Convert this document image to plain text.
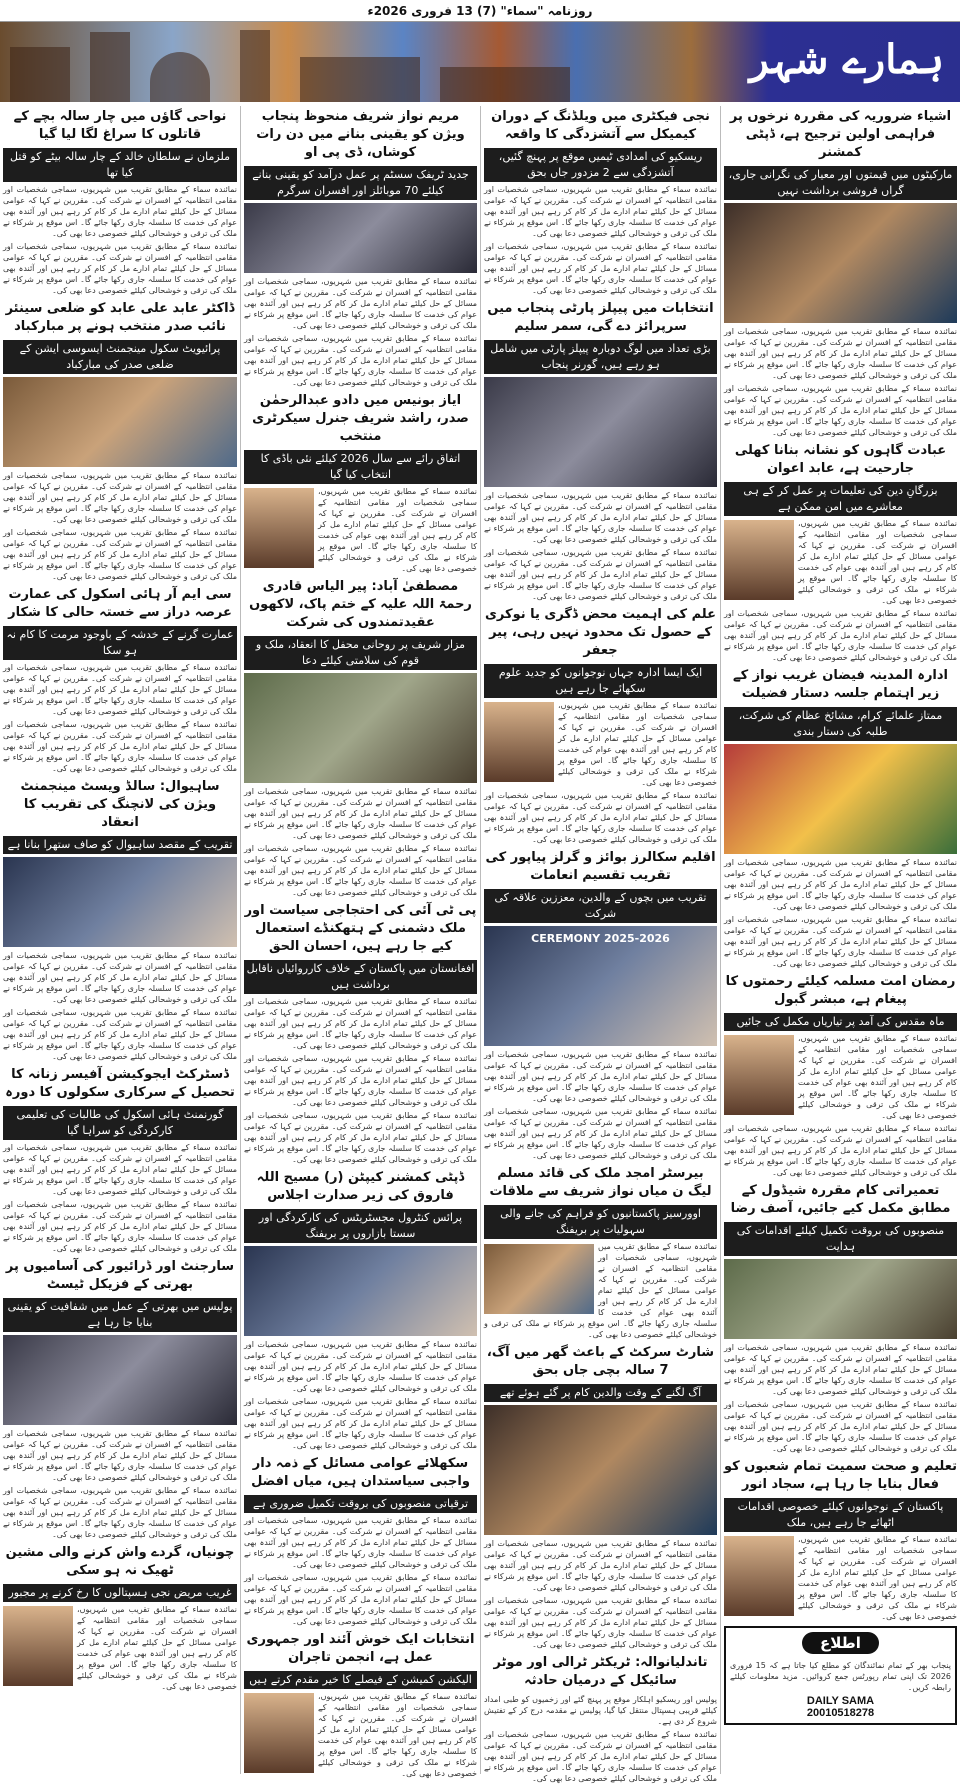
روزنامہ "سماء" (7) 13 فروری 2026ء
ہمارے شہر
اشیاء ضروریہ کی مقررہ نرخوں پر فراہمی اولین ترجیح ہے، ڈپٹی کمشنر
مارکیٹوں میں قیمتوں اور معیار کی نگرانی جاری، گراں فروشی برداشت نہیں
نمائندہ سماء کے مطابق تقریب میں شہریوں، سماجی شخصیات اور مقامی انتظامیہ کے افسران نے شرکت کی۔ مقررین نے کہا کہ عوامی مسائل کے حل کیلئے تمام ادارے مل کر کام کر رہے ہیں اور آئندہ بھی عوام کی خدمت کا سلسلہ جاری رکھا جائے گا۔ اس موقع پر شرکاء نے ملک کی ترقی و خوشحالی کیلئے خصوصی دعا بھی کی۔
نمائندہ سماء کے مطابق تقریب میں شہریوں، سماجی شخصیات اور مقامی انتظامیہ کے افسران نے شرکت کی۔ مقررین نے کہا کہ عوامی مسائل کے حل کیلئے تمام ادارے مل کر کام کر رہے ہیں اور آئندہ بھی عوام کی خدمت کا سلسلہ جاری رکھا جائے گا۔ اس موقع پر شرکاء نے ملک کی ترقی و خوشحالی کیلئے خصوصی دعا بھی کی۔
عبادت گاہوں کو نشانہ بنانا کھلی جارحیت ہے، عابد اعوان
بزرگانِ دین کی تعلیمات پر عمل کر کے ہی معاشرے میں امن ممکن ہے
نمائندہ سماء کے مطابق تقریب میں شہریوں، سماجی شخصیات اور مقامی انتظامیہ کے افسران نے شرکت کی۔ مقررین نے کہا کہ عوامی مسائل کے حل کیلئے تمام ادارے مل کر کام کر رہے ہیں اور آئندہ بھی عوام کی خدمت کا سلسلہ جاری رکھا جائے گا۔ اس موقع پر شرکاء نے ملک کی ترقی و خوشحالی کیلئے خصوصی دعا بھی کی۔
نمائندہ سماء کے مطابق تقریب میں شہریوں، سماجی شخصیات اور مقامی انتظامیہ کے افسران نے شرکت کی۔ مقررین نے کہا کہ عوامی مسائل کے حل کیلئے تمام ادارے مل کر کام کر رہے ہیں اور آئندہ بھی عوام کی خدمت کا سلسلہ جاری رکھا جائے گا۔ اس موقع پر شرکاء نے ملک کی ترقی و خوشحالی کیلئے خصوصی دعا بھی کی۔
ادارہ المدینہ فیضان غریب نواز کے زیر اہتمام جلسہ دستار فضیلت
ممتاز علمائے کرام، مشائخ عظام کی شرکت، طلبہ کی دستار بندی
نمائندہ سماء کے مطابق تقریب میں شہریوں، سماجی شخصیات اور مقامی انتظامیہ کے افسران نے شرکت کی۔ مقررین نے کہا کہ عوامی مسائل کے حل کیلئے تمام ادارے مل کر کام کر رہے ہیں اور آئندہ بھی عوام کی خدمت کا سلسلہ جاری رکھا جائے گا۔ اس موقع پر شرکاء نے ملک کی ترقی و خوشحالی کیلئے خصوصی دعا بھی کی۔
نمائندہ سماء کے مطابق تقریب میں شہریوں، سماجی شخصیات اور مقامی انتظامیہ کے افسران نے شرکت کی۔ مقررین نے کہا کہ عوامی مسائل کے حل کیلئے تمام ادارے مل کر کام کر رہے ہیں اور آئندہ بھی عوام کی خدمت کا سلسلہ جاری رکھا جائے گا۔ اس موقع پر شرکاء نے ملک کی ترقی و خوشحالی کیلئے خصوصی دعا بھی کی۔
رمضان امت مسلمہ کیلئے رحمتوں کا پیغام ہے، مبشر گبول
ماہ مقدس کی آمد پر تیاریاں مکمل کی جائیں
نمائندہ سماء کے مطابق تقریب میں شہریوں، سماجی شخصیات اور مقامی انتظامیہ کے افسران نے شرکت کی۔ مقررین نے کہا کہ عوامی مسائل کے حل کیلئے تمام ادارے مل کر کام کر رہے ہیں اور آئندہ بھی عوام کی خدمت کا سلسلہ جاری رکھا جائے گا۔ اس موقع پر شرکاء نے ملک کی ترقی و خوشحالی کیلئے خصوصی دعا بھی کی۔
نمائندہ سماء کے مطابق تقریب میں شہریوں، سماجی شخصیات اور مقامی انتظامیہ کے افسران نے شرکت کی۔ مقررین نے کہا کہ عوامی مسائل کے حل کیلئے تمام ادارے مل کر کام کر رہے ہیں اور آئندہ بھی عوام کی خدمت کا سلسلہ جاری رکھا جائے گا۔ اس موقع پر شرکاء نے ملک کی ترقی و خوشحالی کیلئے خصوصی دعا بھی کی۔
تعمیراتی کام مقررہ شیڈول کے مطابق مکمل کیے جائیں، آصف رضا
منصوبوں کی بروقت تکمیل کیلئے اقدامات کی ہدایت
نمائندہ سماء کے مطابق تقریب میں شہریوں، سماجی شخصیات اور مقامی انتظامیہ کے افسران نے شرکت کی۔ مقررین نے کہا کہ عوامی مسائل کے حل کیلئے تمام ادارے مل کر کام کر رہے ہیں اور آئندہ بھی عوام کی خدمت کا سلسلہ جاری رکھا جائے گا۔ اس موقع پر شرکاء نے ملک کی ترقی و خوشحالی کیلئے خصوصی دعا بھی کی۔
نمائندہ سماء کے مطابق تقریب میں شہریوں، سماجی شخصیات اور مقامی انتظامیہ کے افسران نے شرکت کی۔ مقررین نے کہا کہ عوامی مسائل کے حل کیلئے تمام ادارے مل کر کام کر رہے ہیں اور آئندہ بھی عوام کی خدمت کا سلسلہ جاری رکھا جائے گا۔ اس موقع پر شرکاء نے ملک کی ترقی و خوشحالی کیلئے خصوصی دعا بھی کی۔
تعلیم و صحت سمیت تمام شعبوں کو فعال بنایا جا رہا ہے، سجاد انور
پاکستان کے نوجوانوں کیلئے خصوصی اقدامات اٹھائے جا رہے ہیں، ملک
نمائندہ سماء کے مطابق تقریب میں شہریوں، سماجی شخصیات اور مقامی انتظامیہ کے افسران نے شرکت کی۔ مقررین نے کہا کہ عوامی مسائل کے حل کیلئے تمام ادارے مل کر کام کر رہے ہیں اور آئندہ بھی عوام کی خدمت کا سلسلہ جاری رکھا جائے گا۔ اس موقع پر شرکاء نے ملک کی ترقی و خوشحالی کیلئے خصوصی دعا بھی کی۔
اطلاع
پنجاب بھر کے تمام نمائندگان کو مطلع کیا جاتا ہے کہ 15 فروری 2026 تک اپنی تمام رپورٹس جمع کروائیں۔ مزید معلومات کیلئے رابطہ کریں۔
DAILY SAMA
20010518278
نجی فیکٹری میں ویلڈنگ کے دوران کیمیکل سے آتشزدگی کا واقعہ
ریسکیو کی امدادی ٹیمیں موقع پر پہنچ گئیں، آتشزدگی سے 2 مزدور جاں بحق
نمائندہ سماء کے مطابق تقریب میں شہریوں، سماجی شخصیات اور مقامی انتظامیہ کے افسران نے شرکت کی۔ مقررین نے کہا کہ عوامی مسائل کے حل کیلئے تمام ادارے مل کر کام کر رہے ہیں اور آئندہ بھی عوام کی خدمت کا سلسلہ جاری رکھا جائے گا۔ اس موقع پر شرکاء نے ملک کی ترقی و خوشحالی کیلئے خصوصی دعا بھی کی۔
نمائندہ سماء کے مطابق تقریب میں شہریوں، سماجی شخصیات اور مقامی انتظامیہ کے افسران نے شرکت کی۔ مقررین نے کہا کہ عوامی مسائل کے حل کیلئے تمام ادارے مل کر کام کر رہے ہیں اور آئندہ بھی عوام کی خدمت کا سلسلہ جاری رکھا جائے گا۔ اس موقع پر شرکاء نے ملک کی ترقی و خوشحالی کیلئے خصوصی دعا بھی کی۔
انتخابات میں پیپلز پارٹی پنجاب میں سرپرائز دے گی، سمر سلیم
بڑی تعداد میں لوگ دوبارہ پیپلز پارٹی میں شامل ہو رہے ہیں، گورنر پنجاب
نمائندہ سماء کے مطابق تقریب میں شہریوں، سماجی شخصیات اور مقامی انتظامیہ کے افسران نے شرکت کی۔ مقررین نے کہا کہ عوامی مسائل کے حل کیلئے تمام ادارے مل کر کام کر رہے ہیں اور آئندہ بھی عوام کی خدمت کا سلسلہ جاری رکھا جائے گا۔ اس موقع پر شرکاء نے ملک کی ترقی و خوشحالی کیلئے خصوصی دعا بھی کی۔
نمائندہ سماء کے مطابق تقریب میں شہریوں، سماجی شخصیات اور مقامی انتظامیہ کے افسران نے شرکت کی۔ مقررین نے کہا کہ عوامی مسائل کے حل کیلئے تمام ادارے مل کر کام کر رہے ہیں اور آئندہ بھی عوام کی خدمت کا سلسلہ جاری رکھا جائے گا۔ اس موقع پر شرکاء نے ملک کی ترقی و خوشحالی کیلئے خصوصی دعا بھی کی۔
علم کی اہمیت محض ڈگری یا نوکری کے حصول تک محدود نہیں رہی، پیر جعفر
ایک ایسا ادارہ جہاں نوجوانوں کو جدید علوم سکھائے جا رہے ہیں
نمائندہ سماء کے مطابق تقریب میں شہریوں، سماجی شخصیات اور مقامی انتظامیہ کے افسران نے شرکت کی۔ مقررین نے کہا کہ عوامی مسائل کے حل کیلئے تمام ادارے مل کر کام کر رہے ہیں اور آئندہ بھی عوام کی خدمت کا سلسلہ جاری رکھا جائے گا۔ اس موقع پر شرکاء نے ملک کی ترقی و خوشحالی کیلئے خصوصی دعا بھی کی۔
نمائندہ سماء کے مطابق تقریب میں شہریوں، سماجی شخصیات اور مقامی انتظامیہ کے افسران نے شرکت کی۔ مقررین نے کہا کہ عوامی مسائل کے حل کیلئے تمام ادارے مل کر کام کر رہے ہیں اور آئندہ بھی عوام کی خدمت کا سلسلہ جاری رکھا جائے گا۔ اس موقع پر شرکاء نے ملک کی ترقی و خوشحالی کیلئے خصوصی دعا بھی کی۔
اقلیم سکالرز بوائز و گرلز پیاپور کی تقریب تقسیم انعامات
تقریب میں بچوں کے والدین، معززین علاقہ کی شرکت
CEREMONY 2025-2026
نمائندہ سماء کے مطابق تقریب میں شہریوں، سماجی شخصیات اور مقامی انتظامیہ کے افسران نے شرکت کی۔ مقررین نے کہا کہ عوامی مسائل کے حل کیلئے تمام ادارے مل کر کام کر رہے ہیں اور آئندہ بھی عوام کی خدمت کا سلسلہ جاری رکھا جائے گا۔ اس موقع پر شرکاء نے ملک کی ترقی و خوشحالی کیلئے خصوصی دعا بھی کی۔
نمائندہ سماء کے مطابق تقریب میں شہریوں، سماجی شخصیات اور مقامی انتظامیہ کے افسران نے شرکت کی۔ مقررین نے کہا کہ عوامی مسائل کے حل کیلئے تمام ادارے مل کر کام کر رہے ہیں اور آئندہ بھی عوام کی خدمت کا سلسلہ جاری رکھا جائے گا۔ اس موقع پر شرکاء نے ملک کی ترقی و خوشحالی کیلئے خصوصی دعا بھی کی۔
بیرسٹر امجد ملک کی قائد مسلم لیگ ن میاں نواز شریف سے ملاقات
اوورسیز پاکستانیوں کو فراہم کی جانے والی سہولیات پر بریفنگ
نمائندہ سماء کے مطابق تقریب میں شہریوں، سماجی شخصیات اور مقامی انتظامیہ کے افسران نے شرکت کی۔ مقررین نے کہا کہ عوامی مسائل کے حل کیلئے تمام ادارے مل کر کام کر رہے ہیں اور آئندہ بھی عوام کی خدمت کا سلسلہ جاری رکھا جائے گا۔ اس موقع پر شرکاء نے ملک کی ترقی و خوشحالی کیلئے خصوصی دعا بھی کی۔
شارٹ سرکٹ کے باعث گھر میں آگ، 7 سالہ بچی جاں بحق
آگ لگنے کے وقت والدین کام پر گئے ہوئے تھے
نمائندہ سماء کے مطابق تقریب میں شہریوں، سماجی شخصیات اور مقامی انتظامیہ کے افسران نے شرکت کی۔ مقررین نے کہا کہ عوامی مسائل کے حل کیلئے تمام ادارے مل کر کام کر رہے ہیں اور آئندہ بھی عوام کی خدمت کا سلسلہ جاری رکھا جائے گا۔ اس موقع پر شرکاء نے ملک کی ترقی و خوشحالی کیلئے خصوصی دعا بھی کی۔
نمائندہ سماء کے مطابق تقریب میں شہریوں، سماجی شخصیات اور مقامی انتظامیہ کے افسران نے شرکت کی۔ مقررین نے کہا کہ عوامی مسائل کے حل کیلئے تمام ادارے مل کر کام کر رہے ہیں اور آئندہ بھی عوام کی خدمت کا سلسلہ جاری رکھا جائے گا۔ اس موقع پر شرکاء نے ملک کی ترقی و خوشحالی کیلئے خصوصی دعا بھی کی۔
تاندلیانوالہ: ٹریکٹر ٹرالی اور موٹر سائیکل کے درمیان حادثہ
پولیس اور ریسکیو اہلکار موقع پر پہنچ گئے اور زخمیوں کو طبی امداد کیلئے قریبی ہسپتال منتقل کیا گیا، پولیس نے مقدمہ درج کر کے تفتیش شروع کر دی ہے۔
نمائندہ سماء کے مطابق تقریب میں شہریوں، سماجی شخصیات اور مقامی انتظامیہ کے افسران نے شرکت کی۔ مقررین نے کہا کہ عوامی مسائل کے حل کیلئے تمام ادارے مل کر کام کر رہے ہیں اور آئندہ بھی عوام کی خدمت کا سلسلہ جاری رکھا جائے گا۔ اس موقع پر شرکاء نے ملک کی ترقی و خوشحالی کیلئے خصوصی دعا بھی کی۔
مریم نواز شریف منحوظ پنجاب ویژن کو یقینی بنانے میں دن رات کوشاں، ڈی پی او
جدید ٹریفک سسٹم پر عمل درآمد کو یقینی بنانے کیلئے 70 موبائلز اور افسران سرگرم
نمائندہ سماء کے مطابق تقریب میں شہریوں، سماجی شخصیات اور مقامی انتظامیہ کے افسران نے شرکت کی۔ مقررین نے کہا کہ عوامی مسائل کے حل کیلئے تمام ادارے مل کر کام کر رہے ہیں اور آئندہ بھی عوام کی خدمت کا سلسلہ جاری رکھا جائے گا۔ اس موقع پر شرکاء نے ملک کی ترقی و خوشحالی کیلئے خصوصی دعا بھی کی۔
نمائندہ سماء کے مطابق تقریب میں شہریوں، سماجی شخصیات اور مقامی انتظامیہ کے افسران نے شرکت کی۔ مقررین نے کہا کہ عوامی مسائل کے حل کیلئے تمام ادارے مل کر کام کر رہے ہیں اور آئندہ بھی عوام کی خدمت کا سلسلہ جاری رکھا جائے گا۔ اس موقع پر شرکاء نے ملک کی ترقی و خوشحالی کیلئے خصوصی دعا بھی کی۔
ایاز بونیس میں دادو عبدالرحمٰن صدر، راشد شریف جنرل سیکرٹری منتخب
اتفاق رائے سے سال 2026 کیلئے نئی باڈی کا انتخاب کیا گیا
نمائندہ سماء کے مطابق تقریب میں شہریوں، سماجی شخصیات اور مقامی انتظامیہ کے افسران نے شرکت کی۔ مقررین نے کہا کہ عوامی مسائل کے حل کیلئے تمام ادارے مل کر کام کر رہے ہیں اور آئندہ بھی عوام کی خدمت کا سلسلہ جاری رکھا جائے گا۔ اس موقع پر شرکاء نے ملک کی ترقی و خوشحالی کیلئے خصوصی دعا بھی کی۔
مصطفیٰ آباد: پیر الیاس قادری رحمۃ اللہ علیہ کے ختم پاک، لاکھوں عقیدتمندوں کی شرکت
مزار شریف پر روحانی محفل کا انعقاد، ملک و قوم کی سلامتی کیلئے دعا
نمائندہ سماء کے مطابق تقریب میں شہریوں، سماجی شخصیات اور مقامی انتظامیہ کے افسران نے شرکت کی۔ مقررین نے کہا کہ عوامی مسائل کے حل کیلئے تمام ادارے مل کر کام کر رہے ہیں اور آئندہ بھی عوام کی خدمت کا سلسلہ جاری رکھا جائے گا۔ اس موقع پر شرکاء نے ملک کی ترقی و خوشحالی کیلئے خصوصی دعا بھی کی۔
نمائندہ سماء کے مطابق تقریب میں شہریوں، سماجی شخصیات اور مقامی انتظامیہ کے افسران نے شرکت کی۔ مقررین نے کہا کہ عوامی مسائل کے حل کیلئے تمام ادارے مل کر کام کر رہے ہیں اور آئندہ بھی عوام کی خدمت کا سلسلہ جاری رکھا جائے گا۔ اس موقع پر شرکاء نے ملک کی ترقی و خوشحالی کیلئے خصوصی دعا بھی کی۔
پی ٹی آئی کی احتجاجی سیاست اور ملک دشمنی کے ہتھکنڈے استعمال کیے جا رہے ہیں، احسان الحق
افغانستان میں پاکستان کے خلاف کارروائیاں ناقابل برداشت ہیں
نمائندہ سماء کے مطابق تقریب میں شہریوں، سماجی شخصیات اور مقامی انتظامیہ کے افسران نے شرکت کی۔ مقررین نے کہا کہ عوامی مسائل کے حل کیلئے تمام ادارے مل کر کام کر رہے ہیں اور آئندہ بھی عوام کی خدمت کا سلسلہ جاری رکھا جائے گا۔ اس موقع پر شرکاء نے ملک کی ترقی و خوشحالی کیلئے خصوصی دعا بھی کی۔
نمائندہ سماء کے مطابق تقریب میں شہریوں، سماجی شخصیات اور مقامی انتظامیہ کے افسران نے شرکت کی۔ مقررین نے کہا کہ عوامی مسائل کے حل کیلئے تمام ادارے مل کر کام کر رہے ہیں اور آئندہ بھی عوام کی خدمت کا سلسلہ جاری رکھا جائے گا۔ اس موقع پر شرکاء نے ملک کی ترقی و خوشحالی کیلئے خصوصی دعا بھی کی۔
نمائندہ سماء کے مطابق تقریب میں شہریوں، سماجی شخصیات اور مقامی انتظامیہ کے افسران نے شرکت کی۔ مقررین نے کہا کہ عوامی مسائل کے حل کیلئے تمام ادارے مل کر کام کر رہے ہیں اور آئندہ بھی عوام کی خدمت کا سلسلہ جاری رکھا جائے گا۔ اس موقع پر شرکاء نے ملک کی ترقی و خوشحالی کیلئے خصوصی دعا بھی کی۔
ڈپٹی کمشنر کیپٹن (ر) مسیح اللہ فاروق کی زیر صدارت اجلاس
پرائس کنٹرول مجسٹریٹس کی کارکردگی اور سستا بازاروں پر بریفنگ
نمائندہ سماء کے مطابق تقریب میں شہریوں، سماجی شخصیات اور مقامی انتظامیہ کے افسران نے شرکت کی۔ مقررین نے کہا کہ عوامی مسائل کے حل کیلئے تمام ادارے مل کر کام کر رہے ہیں اور آئندہ بھی عوام کی خدمت کا سلسلہ جاری رکھا جائے گا۔ اس موقع پر شرکاء نے ملک کی ترقی و خوشحالی کیلئے خصوصی دعا بھی کی۔
نمائندہ سماء کے مطابق تقریب میں شہریوں، سماجی شخصیات اور مقامی انتظامیہ کے افسران نے شرکت کی۔ مقررین نے کہا کہ عوامی مسائل کے حل کیلئے تمام ادارے مل کر کام کر رہے ہیں اور آئندہ بھی عوام کی خدمت کا سلسلہ جاری رکھا جائے گا۔ اس موقع پر شرکاء نے ملک کی ترقی و خوشحالی کیلئے خصوصی دعا بھی کی۔
سکھلائے عوامی مسائل کے ذمہ دار واجبی سیاستدان ہیں، میاں افضل
ترقیاتی منصوبوں کی بروقت تکمیل ضروری ہے
نمائندہ سماء کے مطابق تقریب میں شہریوں، سماجی شخصیات اور مقامی انتظامیہ کے افسران نے شرکت کی۔ مقررین نے کہا کہ عوامی مسائل کے حل کیلئے تمام ادارے مل کر کام کر رہے ہیں اور آئندہ بھی عوام کی خدمت کا سلسلہ جاری رکھا جائے گا۔ اس موقع پر شرکاء نے ملک کی ترقی و خوشحالی کیلئے خصوصی دعا بھی کی۔
نمائندہ سماء کے مطابق تقریب میں شہریوں، سماجی شخصیات اور مقامی انتظامیہ کے افسران نے شرکت کی۔ مقررین نے کہا کہ عوامی مسائل کے حل کیلئے تمام ادارے مل کر کام کر رہے ہیں اور آئندہ بھی عوام کی خدمت کا سلسلہ جاری رکھا جائے گا۔ اس موقع پر شرکاء نے ملک کی ترقی و خوشحالی کیلئے خصوصی دعا بھی کی۔
انتخابات ایک خوش آئند اور جمہوری عمل ہے، انجمن تاجران
الیکشن کمیشن کے فیصلے کا خیر مقدم کرتے ہیں
نمائندہ سماء کے مطابق تقریب میں شہریوں، سماجی شخصیات اور مقامی انتظامیہ کے افسران نے شرکت کی۔ مقررین نے کہا کہ عوامی مسائل کے حل کیلئے تمام ادارے مل کر کام کر رہے ہیں اور آئندہ بھی عوام کی خدمت کا سلسلہ جاری رکھا جائے گا۔ اس موقع پر شرکاء نے ملک کی ترقی و خوشحالی کیلئے خصوصی دعا بھی کی۔
نواحی گاؤں میں چار سالہ بچے کے قاتلوں کا سراغ لگا لیا گیا
ملزمان نے سلطان خالد کے چار سالہ بیٹے کو قتل کیا تھا
نمائندہ سماء کے مطابق تقریب میں شہریوں، سماجی شخصیات اور مقامی انتظامیہ کے افسران نے شرکت کی۔ مقررین نے کہا کہ عوامی مسائل کے حل کیلئے تمام ادارے مل کر کام کر رہے ہیں اور آئندہ بھی عوام کی خدمت کا سلسلہ جاری رکھا جائے گا۔ اس موقع پر شرکاء نے ملک کی ترقی و خوشحالی کیلئے خصوصی دعا بھی کی۔
نمائندہ سماء کے مطابق تقریب میں شہریوں، سماجی شخصیات اور مقامی انتظامیہ کے افسران نے شرکت کی۔ مقررین نے کہا کہ عوامی مسائل کے حل کیلئے تمام ادارے مل کر کام کر رہے ہیں اور آئندہ بھی عوام کی خدمت کا سلسلہ جاری رکھا جائے گا۔ اس موقع پر شرکاء نے ملک کی ترقی و خوشحالی کیلئے خصوصی دعا بھی کی۔
ڈاکٹر عابد علی عابد کو ضلعی سینئر نائب صدر منتخب ہونے پر مبارکباد
پرائیویٹ سکول مینجمنٹ ایسوسی ایشن کے ضلعی صدر کی مبارکباد
نمائندہ سماء کے مطابق تقریب میں شہریوں، سماجی شخصیات اور مقامی انتظامیہ کے افسران نے شرکت کی۔ مقررین نے کہا کہ عوامی مسائل کے حل کیلئے تمام ادارے مل کر کام کر رہے ہیں اور آئندہ بھی عوام کی خدمت کا سلسلہ جاری رکھا جائے گا۔ اس موقع پر شرکاء نے ملک کی ترقی و خوشحالی کیلئے خصوصی دعا بھی کی۔
نمائندہ سماء کے مطابق تقریب میں شہریوں، سماجی شخصیات اور مقامی انتظامیہ کے افسران نے شرکت کی۔ مقررین نے کہا کہ عوامی مسائل کے حل کیلئے تمام ادارے مل کر کام کر رہے ہیں اور آئندہ بھی عوام کی خدمت کا سلسلہ جاری رکھا جائے گا۔ اس موقع پر شرکاء نے ملک کی ترقی و خوشحالی کیلئے خصوصی دعا بھی کی۔
سی ایم آر ہائی اسکول کی عمارت عرصہ دراز سے خستہ حالی کا شکار
عمارت گرنے کے خدشہ کے باوجود مرمت کا کام نہ ہو سکا
نمائندہ سماء کے مطابق تقریب میں شہریوں، سماجی شخصیات اور مقامی انتظامیہ کے افسران نے شرکت کی۔ مقررین نے کہا کہ عوامی مسائل کے حل کیلئے تمام ادارے مل کر کام کر رہے ہیں اور آئندہ بھی عوام کی خدمت کا سلسلہ جاری رکھا جائے گا۔ اس موقع پر شرکاء نے ملک کی ترقی و خوشحالی کیلئے خصوصی دعا بھی کی۔
نمائندہ سماء کے مطابق تقریب میں شہریوں، سماجی شخصیات اور مقامی انتظامیہ کے افسران نے شرکت کی۔ مقررین نے کہا کہ عوامی مسائل کے حل کیلئے تمام ادارے مل کر کام کر رہے ہیں اور آئندہ بھی عوام کی خدمت کا سلسلہ جاری رکھا جائے گا۔ اس موقع پر شرکاء نے ملک کی ترقی و خوشحالی کیلئے خصوصی دعا بھی کی۔
ساہیوال: سالڈ ویسٹ مینجمنٹ ویژن کی لانچنگ کی تقریب کا انعقاد
تقریب کے مقصد ساہیوال کو صاف ستھرا بنانا ہے
نمائندہ سماء کے مطابق تقریب میں شہریوں، سماجی شخصیات اور مقامی انتظامیہ کے افسران نے شرکت کی۔ مقررین نے کہا کہ عوامی مسائل کے حل کیلئے تمام ادارے مل کر کام کر رہے ہیں اور آئندہ بھی عوام کی خدمت کا سلسلہ جاری رکھا جائے گا۔ اس موقع پر شرکاء نے ملک کی ترقی و خوشحالی کیلئے خصوصی دعا بھی کی۔
نمائندہ سماء کے مطابق تقریب میں شہریوں، سماجی شخصیات اور مقامی انتظامیہ کے افسران نے شرکت کی۔ مقررین نے کہا کہ عوامی مسائل کے حل کیلئے تمام ادارے مل کر کام کر رہے ہیں اور آئندہ بھی عوام کی خدمت کا سلسلہ جاری رکھا جائے گا۔ اس موقع پر شرکاء نے ملک کی ترقی و خوشحالی کیلئے خصوصی دعا بھی کی۔
ڈسٹرکٹ ایجوکیشن آفیسر زنانہ کا تحصیل کے سرکاری سکولوں کا دورہ
گورنمنٹ ہائی اسکول کی طالبات کی تعلیمی کارکردگی کو سراہا گیا
نمائندہ سماء کے مطابق تقریب میں شہریوں، سماجی شخصیات اور مقامی انتظامیہ کے افسران نے شرکت کی۔ مقررین نے کہا کہ عوامی مسائل کے حل کیلئے تمام ادارے مل کر کام کر رہے ہیں اور آئندہ بھی عوام کی خدمت کا سلسلہ جاری رکھا جائے گا۔ اس موقع پر شرکاء نے ملک کی ترقی و خوشحالی کیلئے خصوصی دعا بھی کی۔
نمائندہ سماء کے مطابق تقریب میں شہریوں، سماجی شخصیات اور مقامی انتظامیہ کے افسران نے شرکت کی۔ مقررین نے کہا کہ عوامی مسائل کے حل کیلئے تمام ادارے مل کر کام کر رہے ہیں اور آئندہ بھی عوام کی خدمت کا سلسلہ جاری رکھا جائے گا۔ اس موقع پر شرکاء نے ملک کی ترقی و خوشحالی کیلئے خصوصی دعا بھی کی۔
سارجنٹ اور ڈرائیور کی آسامیوں پر بھرتی کے فزیکل ٹیسٹ
پولیس میں بھرتی کے عمل میں شفافیت کو یقینی بنایا جا رہا ہے
نمائندہ سماء کے مطابق تقریب میں شہریوں، سماجی شخصیات اور مقامی انتظامیہ کے افسران نے شرکت کی۔ مقررین نے کہا کہ عوامی مسائل کے حل کیلئے تمام ادارے مل کر کام کر رہے ہیں اور آئندہ بھی عوام کی خدمت کا سلسلہ جاری رکھا جائے گا۔ اس موقع پر شرکاء نے ملک کی ترقی و خوشحالی کیلئے خصوصی دعا بھی کی۔
نمائندہ سماء کے مطابق تقریب میں شہریوں، سماجی شخصیات اور مقامی انتظامیہ کے افسران نے شرکت کی۔ مقررین نے کہا کہ عوامی مسائل کے حل کیلئے تمام ادارے مل کر کام کر رہے ہیں اور آئندہ بھی عوام کی خدمت کا سلسلہ جاری رکھا جائے گا۔ اس موقع پر شرکاء نے ملک کی ترقی و خوشحالی کیلئے خصوصی دعا بھی کی۔
چونیاں، گردے واش کرنے والی مشین ٹھیک نہ ہو سکی
غریب مریض نجی ہسپتالوں کا رخ کرنے پر مجبور
نمائندہ سماء کے مطابق تقریب میں شہریوں، سماجی شخصیات اور مقامی انتظامیہ کے افسران نے شرکت کی۔ مقررین نے کہا کہ عوامی مسائل کے حل کیلئے تمام ادارے مل کر کام کر رہے ہیں اور آئندہ بھی عوام کی خدمت کا سلسلہ جاری رکھا جائے گا۔ اس موقع پر شرکاء نے ملک کی ترقی و خوشحالی کیلئے خصوصی دعا بھی کی۔
